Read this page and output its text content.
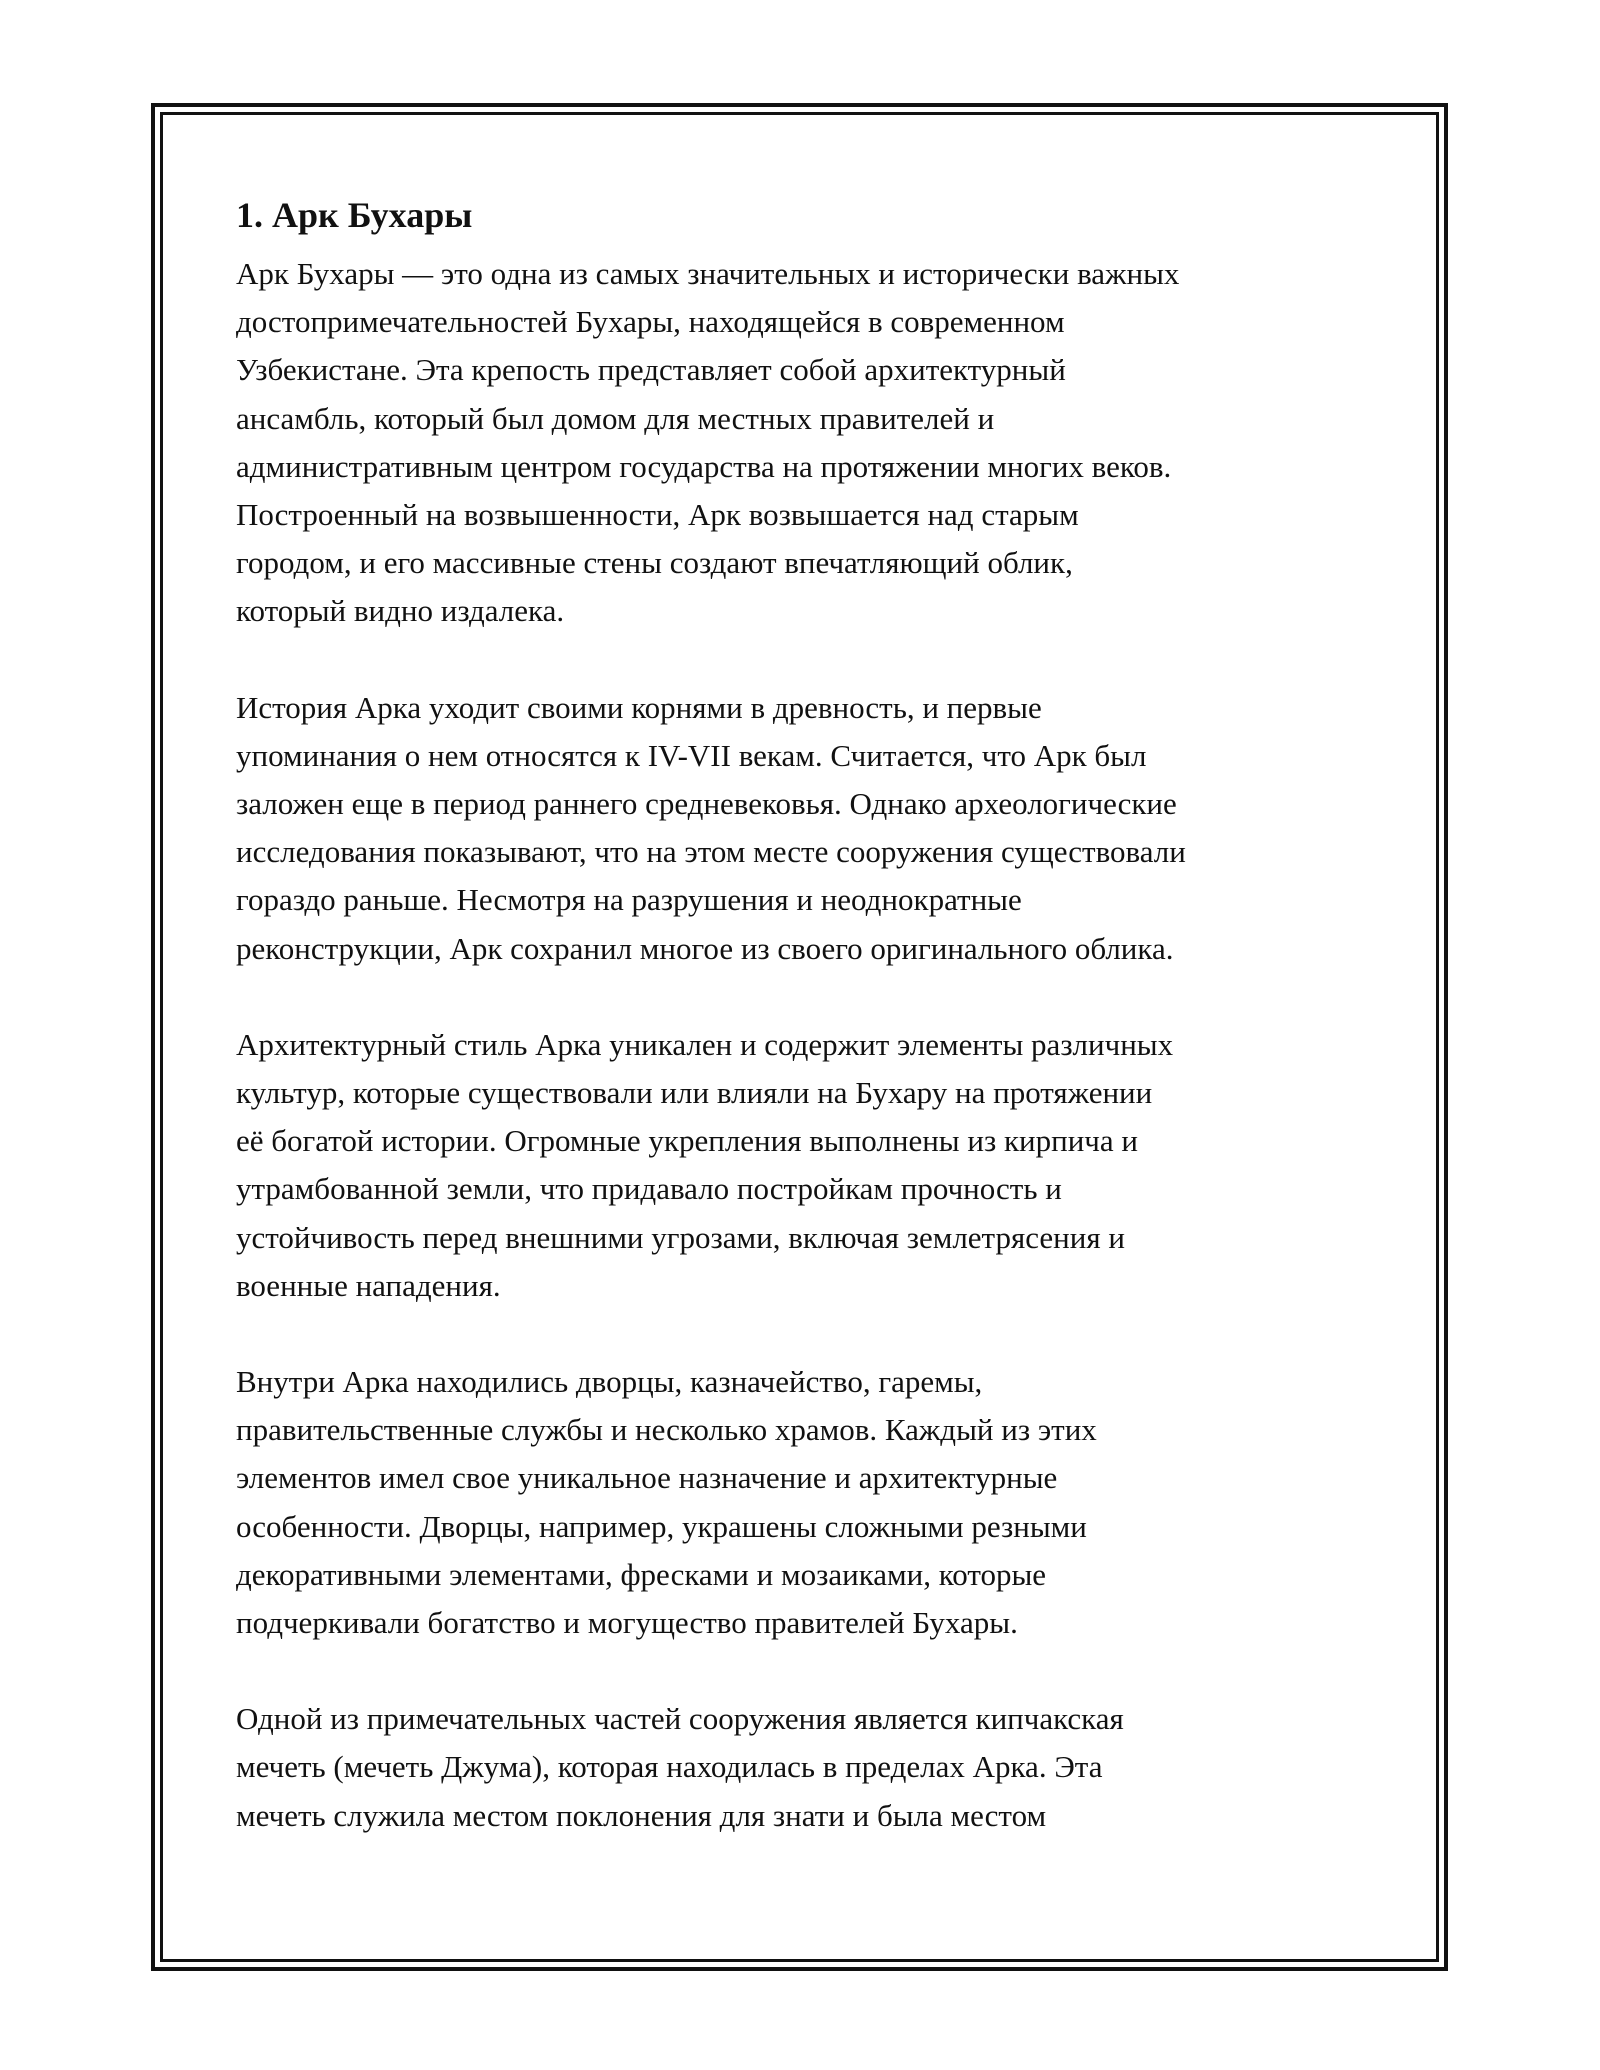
1. Арк Бухары

Арк Бухары — это одна из самых значительных и исторически важных
достопримечательностей Бухары, находящейся в современном
Узбекистане. Эта крепость представляет собой архитектурный
ансамбль, который был домом для местных правителей и
административным центром государства на протяжении многих веков.
Построенный на возвышенности, Арк возвышается над старым
городом, и его массивные стены создают впечатляющий облик,
который видно издалека.

История Арка уходит своими корнями в древность, и первые
упоминания о нем относятся к IV-VII векам. Считается, что Арк был
заложен еще в период раннего средневековья. Однако археологические
исследования показывают, что на этом месте сооружения существовали
гораздо раньше. Несмотря на разрушения и неоднократные
реконструкции, Арк сохранил многое из своего оригинального облика.

Архитектурный стиль Арка уникален и содержит элементы различных
культур, которые существовали или влияли на Бухару на протяжении
её богатой истории. Огромные укрепления выполнены из кирпича и
утрамбованной земли, что придавало постройкам прочность и
устойчивость перед внешними угрозами, включая землетрясения и
военные нападения.

Внутри Арка находились дворцы, казначейство, гаремы,
правительственные службы и несколько храмов. Каждый из этих
элементов имел свое уникальное назначение и архитектурные
особенности. Дворцы, например, украшены сложными резными
декоративными элементами, фресками и мозаиками, которые
подчеркивали богатство и могущество правителей Бухары.

Одной из примечательных частей сооружения является кипчакская
мечеть (мечеть Джума), которая находилась в пределах Арка. Эта
мечеть служила местом поклонения для знати и была местом
